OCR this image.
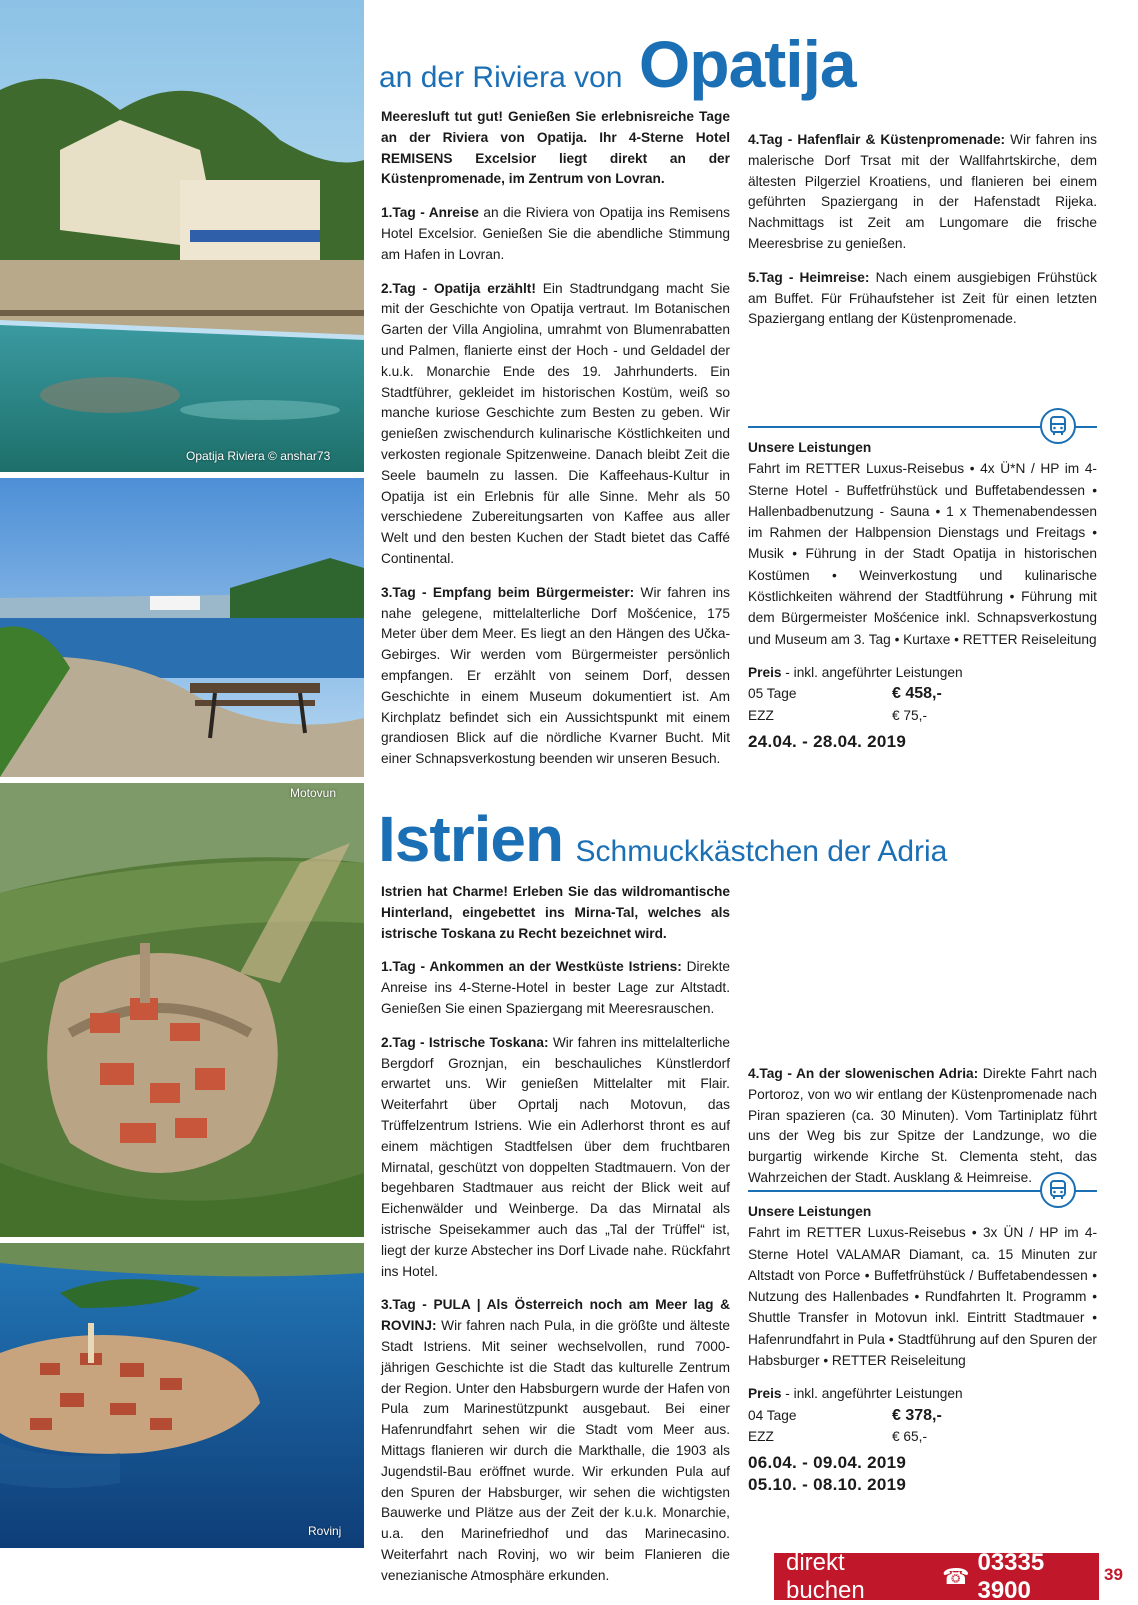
Opatija Riviera © anshar73
Motovun
Rovinj
an der Riviera von Opatija

Meeresluft tut gut! Genießen Sie erlebnisreiche Tage an der Riviera von Opatija. Ihr 4-Sterne Hotel REMISENS Excelsior liegt direkt an der Küstenpromenade, im Zentrum von Lovran.

1.Tag - Anreise an die Riviera von Opatija ins Remisens Hotel Excelsior. Genießen Sie die abendliche Stimmung am Hafen in Lovran.

2.Tag - Opatija erzählt! Ein Stadtrundgang macht Sie mit der Geschichte von Opatija vertraut. Im Botanischen Garten der Villa Angiolina, umrahmt von Blumenrabatten und Palmen, flanierte einst der Hoch - und Geldadel der k.u.k. Monarchie Ende des 19. Jahrhunderts. Ein Stadtführer, gekleidet im historischen Kostüm, weiß so manche kuriose Geschichte zum Besten zu geben. Wir genießen zwischendurch kulinarische Köstlichkeiten und verkosten regionale Spitzenweine. Danach bleibt Zeit die Seele baumeln zu lassen. Die Kaffeehaus-Kultur in Opatija ist ein Erlebnis für alle Sinne. Mehr als 50 verschiedene Zubereitungsarten von Kaffee aus aller Welt und den besten Kuchen der Stadt bietet das Caffé Continental.

3.Tag - Empfang beim Bürgermeister: Wir fahren ins nahe gelegene, mittelalterliche Dorf Mošćenice, 175 Meter über dem Meer. Es liegt an den Hängen des Učka-Gebirges. Wir werden vom Bürgermeister persönlich empfangen. Er erzählt von seinem Dorf, dessen Geschichte in einem Museum dokumentiert ist. Am Kirchplatz befindet sich ein Aussichtspunkt mit einem grandiosen Blick auf die nördliche Kvarner Bucht. Mit einer Schnapsverkostung beenden wir unseren Besuch.

4.Tag - Hafenflair & Küstenpromenade: Wir fahren ins malerische Dorf Trsat mit der Wallfahrtskirche, dem ältesten Pilgerziel Kroatiens, und flanieren bei einem geführten Spaziergang in der Hafenstadt Rijeka. Nachmittags ist Zeit am Lungomare die frische Meeresbrise zu genießen.

5.Tag - Heimreise: Nach einem ausgiebigen Frühstück am Buffet. Für Frühaufsteher ist Zeit für einen letzten Spaziergang entlang der Küstenpromenade.

Unsere Leistungen
Fahrt im RETTER Luxus-Reisebus • 4x Ü*N / HP im 4-Sterne Hotel - Buffetfrühstück und Buffetabendessen • Hallenbadbenutzung - Sauna • 1 x Themenabendessen im Rahmen der Halbpension Dienstags und Freitags • Musik • Führung in der Stadt Opatija in historischen Kostümen • Weinverkostung und kulinarische Köstlichkeiten während der Stadtführung • Führung mit dem Bürgermeister Mošćenice inkl. Schnapsverkostung und Museum am 3. Tag • Kurtaxe • RETTER Reiseleitung
Preis - inkl. angeführter Leistungen
05 Tage	€ 458,-
EZZ	€ 75,-
24.04. - 28.04. 2019
Istrien Schmuckkästchen der Adria

Istrien hat Charme! Erleben Sie das wildromantische Hinterland, eingebettet ins Mirna-Tal, welches als istrische Toskana zu Recht bezeichnet wird.

1.Tag - Ankommen an der Westküste Istriens: Direkte Anreise ins 4-Sterne-Hotel in bester Lage zur Altstadt. Genießen Sie einen Spaziergang mit Meeresrauschen.

2.Tag - Istrische Toskana: Wir fahren ins mittelalterliche Bergdorf Groznjan, ein beschauliches Künstlerdorf erwartet uns. Wir genießen Mittelalter mit Flair. Weiterfahrt über Oprtalj nach Motovun, das Trüffelzentrum Istriens. Wie ein Adlerhorst thront es auf einem mächtigen Stadtfelsen über dem fruchtbaren Mirnatal, geschützt von doppelten Stadtmauern. Von der begehbaren Stadtmauer aus reicht der Blick weit auf Eichenwälder und Weinberge. Da das Mirnatal als istrische Speisekammer auch das „Tal der Trüffel“ ist, liegt der kurze Abstecher ins Dorf Livade nahe. Rückfahrt ins Hotel.

3.Tag - PULA | Als Österreich noch am Meer lag & ROVINJ: Wir fahren nach Pula, in die größte und älteste Stadt Istriens. Mit seiner wechselvollen, rund 7000-jährigen Geschichte ist die Stadt das kulturelle Zentrum der Region. Unter den Habsburgern wurde der Hafen von Pula zum Marinestützpunkt ausgebaut. Bei einer Hafenrundfahrt sehen wir die Stadt vom Meer aus. Mittags flanieren wir durch die Markthalle, die 1903 als Jugendstil-Bau eröffnet wurde. Wir erkunden Pula auf den Spuren der Habsburger, wir sehen die wichtigsten Bauwerke und Plätze aus der Zeit der k.u.k. Monarchie, u.a. den Marinefriedhof und das Marinecasino. Weiterfahrt nach Rovinj, wo wir beim Flanieren die venezianische Atmosphäre erkunden.

4.Tag - An der slowenischen Adria: Direkte Fahrt nach Portoroz, von wo wir entlang der Küstenpromenade nach Piran spazieren (ca. 30 Minuten). Vom Tartiniplatz führt uns der Weg bis zur Spitze der Landzunge, wo die burgartig wirkende Kirche St. Clementa steht, das Wahrzeichen der Stadt. Ausklang & Heimreise.

Unsere Leistungen
Fahrt im RETTER Luxus-Reisebus • 3x ÜN / HP im 4-Sterne Hotel VALAMAR Diamant, ca. 15 Minuten zur Altstadt von Porce • Buffetfrühstück / Buffetabendessen • Nutzung des Hallenbades • Rundfahrten lt. Programm • Shuttle Transfer in Motovun inkl. Eintritt Stadtmauer • Hafenrundfahrt in Pula • Stadtführung auf den Spuren der Habsburger • RETTER Reiseleitung
Preis - inkl. angeführter Leistungen
04 Tage	€ 378,-
EZZ	€ 65,-
06.04. - 09.04. 2019
05.10. - 08.10. 2019
direkt buchen
☎
03335 3900
39
